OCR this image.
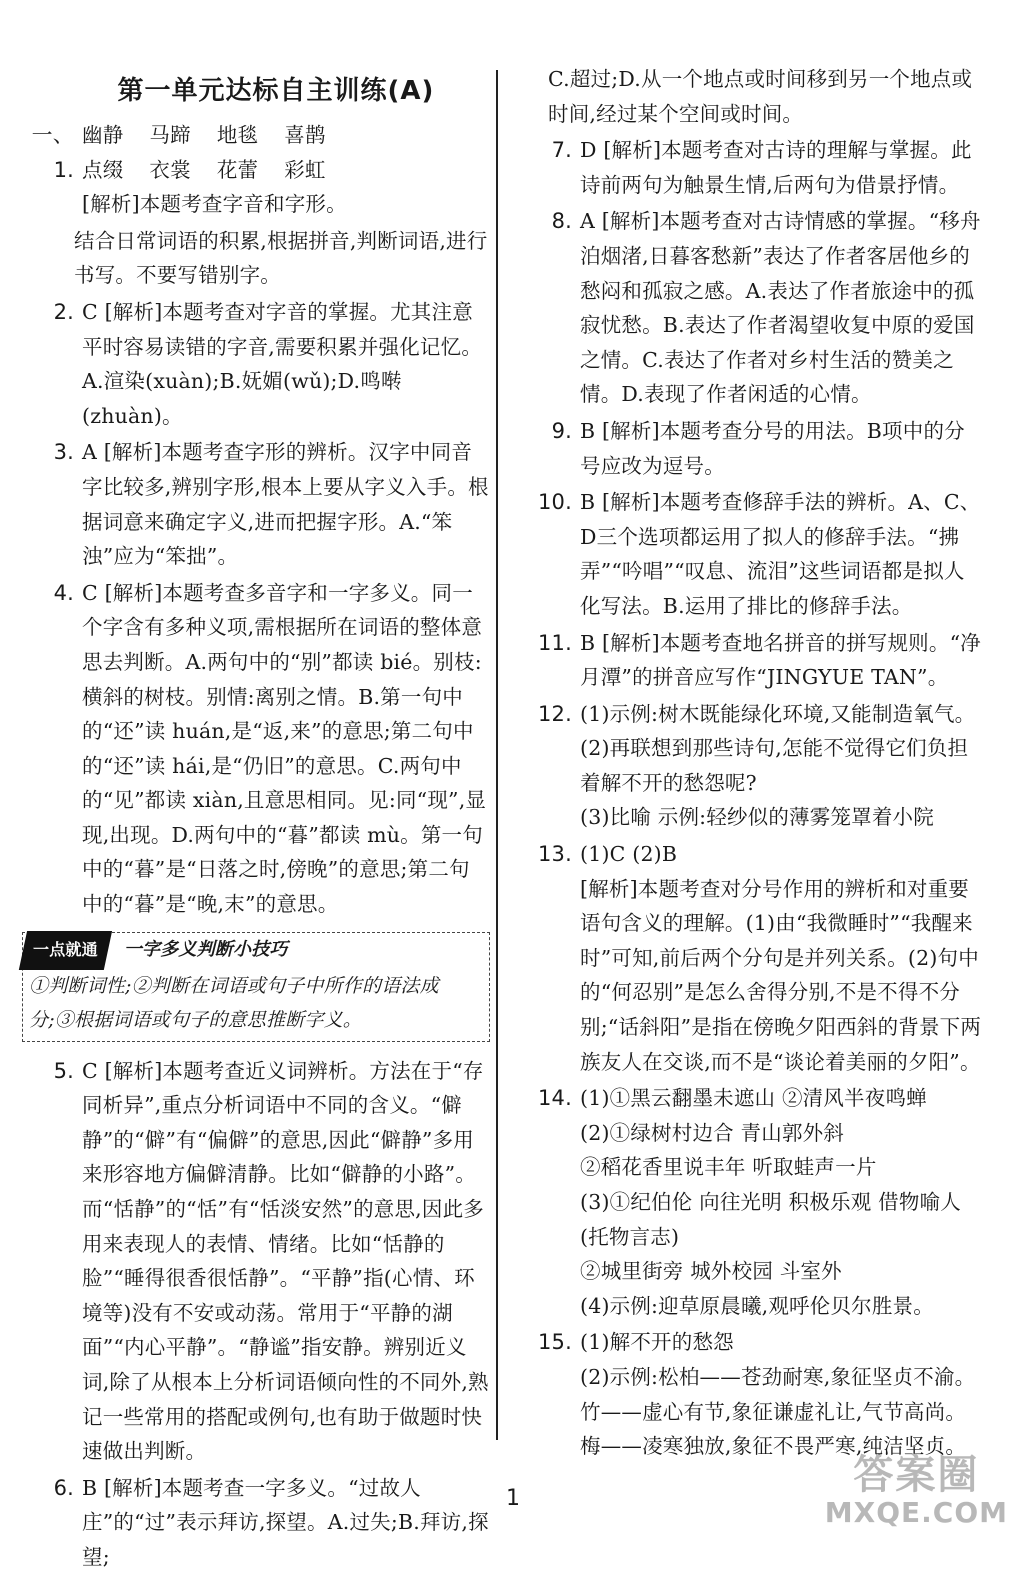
第一单元达标自主训练(A)
一、1.
幽静 马蹄 地毯 喜鹊
点缀 衣裳 花蕾 彩虹
[解析]本题考查字音和字形。
结合日常词语的积累,根据拼音,判断词语,进行书写。不要写错别字。
2. C [解析]本题考查对字音的掌握。尤其注意平时容易读错的字音,需要积累并强化记忆。A.渲染(xuàn);B.妩媚(wǔ);D.鸣啭(zhuàn)。
3. A [解析]本题考查字形的辨析。汉字中同音字比较多,辨别字形,根本上要从字义入手。根据词意来确定字义,进而把握字形。A.“笨浊”应为“笨拙”。
4. C [解析]本题考查多音字和一字多义。同一个字含有多种义项,需根据所在词语的整体意思去判断。A.两句中的“别”都读 bié。别枝:横斜的树枝。别情:离别之情。B.第一句中的“还”读 huán,是“返,来”的意思;第二句中的“还”读 hái,是“仍旧”的意思。C.两句中的“见”都读 xiàn,且意思相同。见:同“现”,显现,出现。D.两句中的“暮”都读 mù。第一句中的“暮”是“日落之时,傍晚”的意思;第二句中的“暮”是“晚,末”的意思。
一点就通	一字多义判断小技巧
①判断词性;②判断在词语或句子中所作的语法成分;③根据词语或句子的意思推断字义。
5. C [解析]本题考查近义词辨析。方法在于“存同析异”,重点分析词语中不同的含义。“僻静”的“僻”有“偏僻”的意思,因此“僻静”多用来形容地方偏僻清静。比如“僻静的小路”。而“恬静”的“恬”有“恬淡安然”的意思,因此多用来表现人的表情、情绪。比如“恬静的脸”“睡得很香很恬静”。“平静”指(心情、环境等)没有不安或动荡。常用于“平静的湖面”“内心平静”。“静谧”指安静。辨别近义词,除了从根本上分析词语倾向性的不同外,熟记一些常用的搭配或例句,也有助于做题时快速做出判断。
6. B [解析]本题考查一字多义。“过故人庄”的“过”表示拜访,探望。A.过失;B.拜访,探望;
C.超过;D.从一个地点或时间移到另一个地点或时间,经过某个空间或时间。
7. D [解析]本题考查对古诗的理解与掌握。此诗前两句为触景生情,后两句为借景抒情。
8. A [解析]本题考查对古诗情感的掌握。“移舟泊烟渚,日暮客愁新”表达了作者客居他乡的愁闷和孤寂之感。A.表达了作者旅途中的孤寂忧愁。B.表达了作者渴望收复中原的爱国之情。C.表达了作者对乡村生活的赞美之情。D.表现了作者闲适的心情。
9. B [解析]本题考查分号的用法。B项中的分号应改为逗号。
10. B [解析]本题考查修辞手法的辨析。A、C、D三个选项都运用了拟人的修辞手法。“拂弄”“吟唱”“叹息、流泪”这些词语都是拟人化写法。B.运用了排比的修辞手法。
11. B [解析]本题考查地名拼音的拼写规则。“净月潭”的拼音应写作“JINGYUE TAN”。
12. (1)示例:树木既能绿化环境,又能制造氧气。
(2)再联想到那些诗句,怎能不觉得它们负担着解不开的愁怨呢?
(3)比喻 示例:轻纱似的薄雾笼罩着小院
13. (1)C (2)B
[解析]本题考查对分号作用的辨析和对重要语句含义的理解。(1)由“我微睡时”“我醒来时”可知,前后两个分句是并列关系。(2)句中的“何忍别”是怎么舍得分别,不是不得不分别;“话斜阳”是指在傍晚夕阳西斜的背景下两族友人在交谈,而不是“谈论着美丽的夕阳”。
14. (1)①黑云翻墨未遮山 ②清风半夜鸣蝉
(2)①绿树村边合 青山郭外斜
②稻花香里说丰年 听取蛙声一片
(3)①纪伯伦 向往光明 积极乐观 借物喻人(托物言志)
②城里街旁 城外校园 斗室外
(4)示例:迎草原晨曦,观呼伦贝尔胜景。
15. (1)解不开的愁怨
(2)示例:松柏——苍劲耐寒,象征坚贞不渝。
竹——虚心有节,象征谦虚礼让,气节高尚。
梅——凌寒独放,象征不畏严寒,纯洁坚贞。
1
答案圈
MXQE.COM
